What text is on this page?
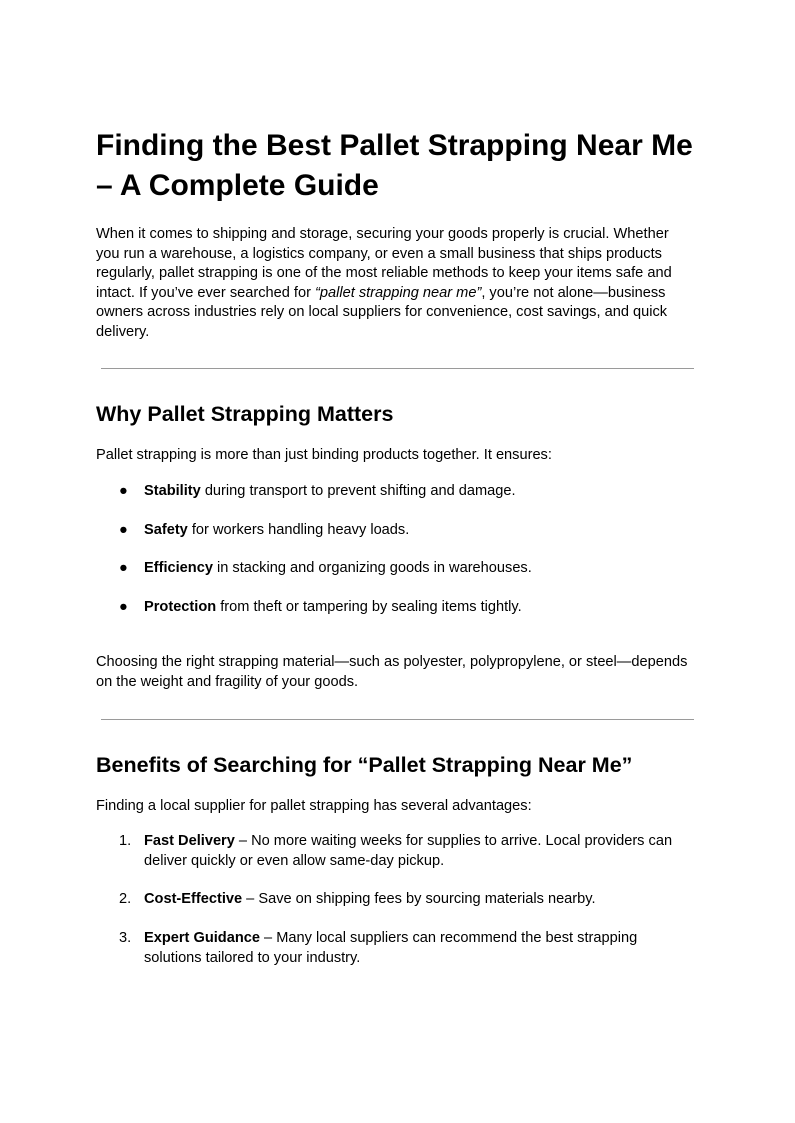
Finding the Best Pallet Strapping Near Me – A Complete Guide

When it comes to shipping and storage, securing your goods properly is crucial. Whether you run a warehouse, a logistics company, or even a small business that ships products regularly, pallet strapping is one of the most reliable methods to keep your items safe and intact. If you’ve ever searched for “pallet strapping near me”, you’re not alone—business owners across industries rely on local suppliers for convenience, cost savings, and quick delivery.

Why Pallet Strapping Matters

Pallet strapping is more than just binding products together. It ensures:

●	Stability during transport to prevent shifting and damage.
●	Safety for workers handling heavy loads.
●	Efficiency in stacking and organizing goods in warehouses.
●	Protection from theft or tampering by sealing items tightly.

Choosing the right strapping material—such as polyester, polypropylene, or steel—depends on the weight and fragility of your goods.

Benefits of Searching for “Pallet Strapping Near Me”

Finding a local supplier for pallet strapping has several advantages:

1. Fast Delivery – No more waiting weeks for supplies to arrive. Local providers can deliver quickly or even allow same-day pickup.
2. Cost-Effective – Save on shipping fees by sourcing materials nearby.
3. Expert Guidance – Many local suppliers can recommend the best strapping solutions tailored to your industry.
